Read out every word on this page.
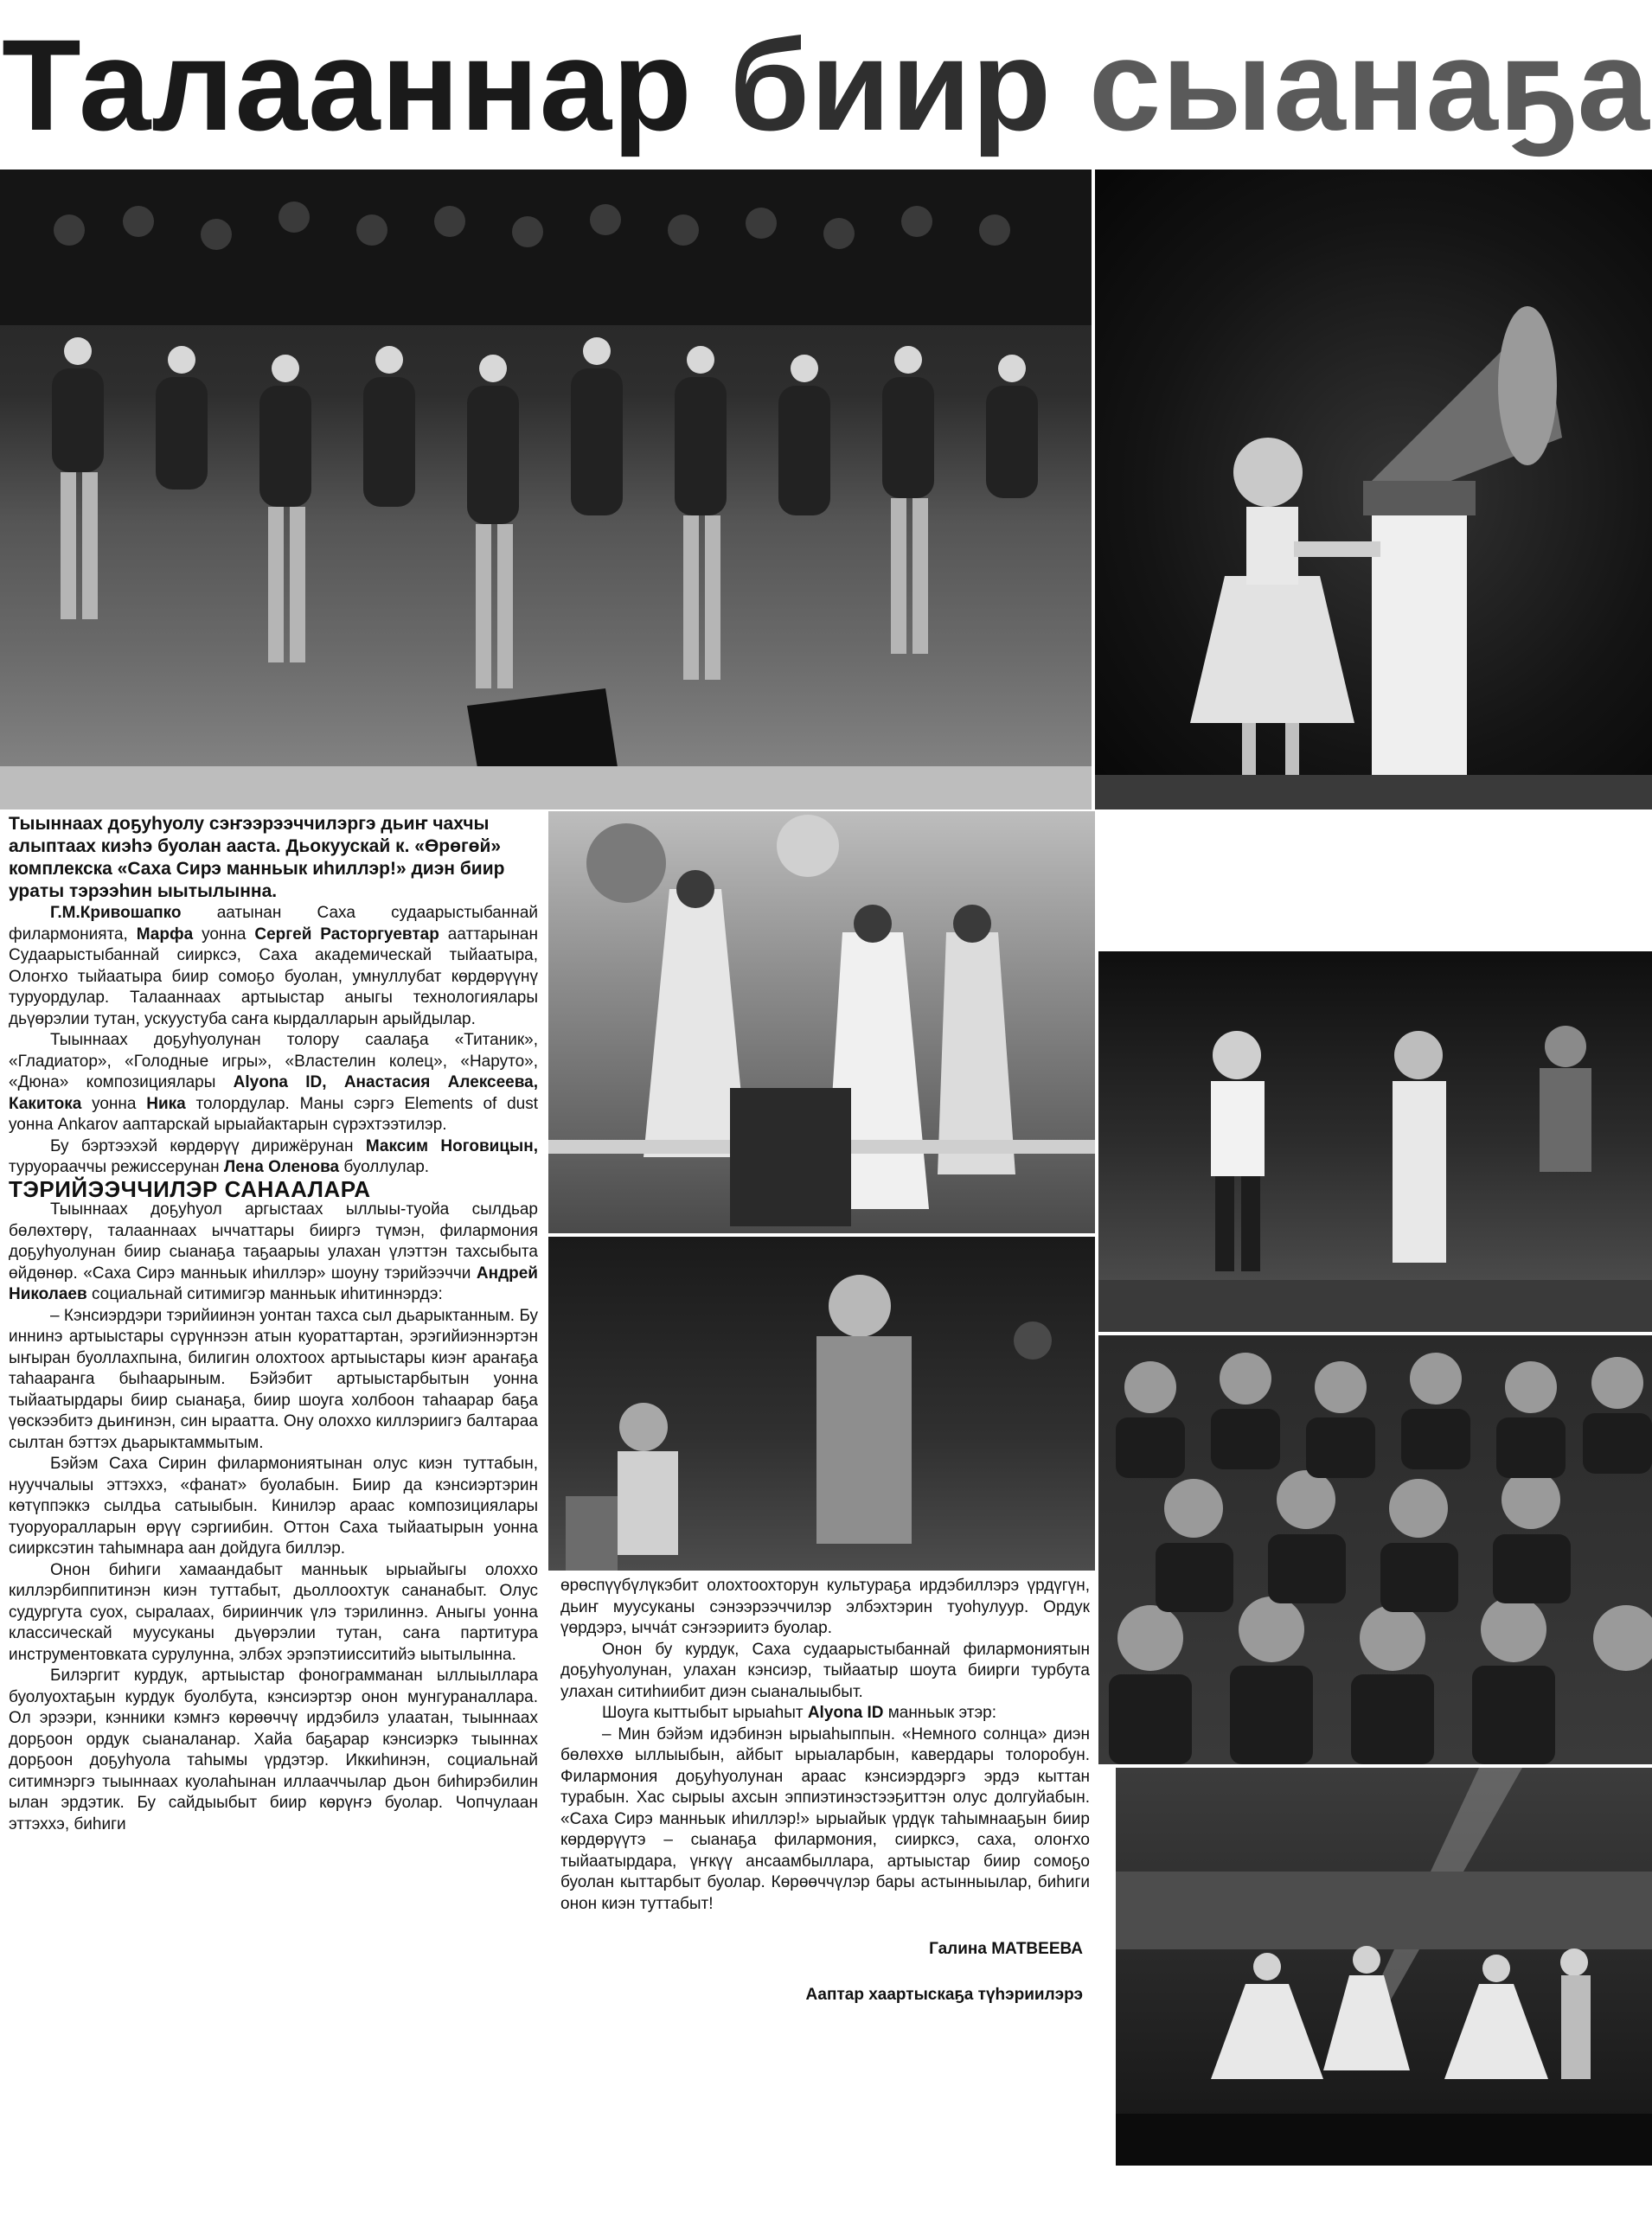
Талааннар биир сыанаҕа

Тыыннаах доҕуһуолу сэҥээрээччилэргэ дьиҥ чахчы алыптаах киэһэ буолан ааста. Дьокуускай к. «Өрөгөй» комплекскa «Саха Сирэ манньык иһиллэр!» диэн биир ураты тэрээһин ыытылынна.

Г.М.Кривошапко аатынан Саха судаарыстыбаннай филармонията, Марфа уонна Сергей Расторгуевтар ааттарынан Судаарыстыбаннай сиирксэ, Саха академическай тыйаатыра, Олоҥхо тыйаатыра биир сомоҕо буолан, умнуллубат көрдөрүүнү туруордулар. Талааннаах артыыстар аныгы технологиялары дьүөрэлии тутан, ускуустуба саҥа кырдалларын арыйдылар.

Тыыннаах доҕуһуолунан толору саалаҕа «Титаник», «Гладиатор», «Голодные игры», «Властелин колец», «Наруто», «Дюна» композициялары Alyona ID, Анастасия Алексеева, Какитока уонна Ника толордулар. Маны сэргэ Elements of dust уонна Ankarov ааптарскай ырыайактарын сүрэхтээтилэр.

Бу бэртээхэй көрдөрүү дирижёрунан Максим Ноговицын, туруорааччы режиссерунан Лена Оленова буоллулар.

ТЭРИЙЭЭЧЧИЛЭР САНААЛАРА

Тыыннаах доҕуһуол аргыстаах ыллыы-туойа сылдьар бөлөхтөрү, талааннаах ыччаттары бииргэ түмэн, филармония доҕуһуолунан биир сыанаҕа таҕаарыы улахан үлэттэн тахсыбыта өйдөнөр. «Саха Сирэ манньык иһиллэр» шоуну тэрийээччи Андрей Николаев социальнай ситимигэр манньык иһитиннэрдэ:

– Кэнсиэрдэри тэрийиинэн уонтан тахса сыл дьарыктанным. Бу иннинэ артыыстары сүрүннээн атын куораттартан, эрэгийиэннэртэн ыҥыран буоллахпына, билигин олохтоох артыыстары киэҥ араҥаҕа таһааранга быһаарыным. Бэйэбит артыыстарбытын уонна тыйаатырдары биир сыанаҕа, биир шоуга холбоон таһаарар баҕа үөскээбитэ дьиҥинэн, син ыраатта. Ону олоххо киллэриигэ балтараа сылтан бэттэх дьарыктаммытым.

Бэйэм Саха Сирин филармониятынан олус киэн туттабын, нууччалыы эттэххэ, «фанат» буолабын. Биир да кэнсиэртэрин көтүппэккэ сылдьа сатыыбын. Кинилэр араас композициялары туоруоралларын өрүү сэргиибин. Оттон Саха тыйаатырын уонна сиирксэтин таһымнара аан дойдуга биллэр.

Онон биһиги хамаандабыт манньык ырыайыгы олоххо киллэрбиппитинэн киэн туттабыт, дьоллоохтук сананабыт. Олус судургута суох, сыралаах, бириинчик үлэ тэрилиннэ. Аныгы уонна классическай муусуканы дьүөрэлии тутан, саҥа партитура инструментовката сурулунна, элбэх эрэпэтиисситийэ ыытылынна.

Билэргит курдук, артыыстар фонограмманан ыллыыллара буолуохтаҕын курдук буолбута, кэнсиэртэр онон мунгураналлара. Ол эрээри, кэнники кэмҥэ көрөөччү ирдэбилэ улаатан, тыыннаах дорҕоон ордук сыаналанар. Хайа баҕарар кэнсиэркэ тыыннах дорҕоон доҕуһуола таһымы үрдэтэр. Иккиһинэн, социальнай ситимнэргэ тыыннаах куолаһынан иллааччылар дьон биһирэбилин ылан эрдэтик. Бу сайдыыбыт биир көрүҥэ буолар. Чопчулаан эттэххэ, биһиги

өрөспүүбүлүкэбит олохтоохторун культураҕа ирдэбиллэрэ үрдүгүн, дьиҥ муусуканы сэнээрээччилэр элбэхтэрин туоһулуур. Ордук үөрдэрэ, ычча́т сэҥээриитэ буолар.

Онон бу курдук, Саха судаарыстыбаннай филармониятын доҕуһуолунан, улахан кэнсиэр, тыйаатыр шоута биирги турбута улахан ситиһиибит диэн сыаналыыбыт.

Шоуга кыттыбыт ырыаһыт Alyona ID манньык этэр:

– Мин бэйэм идэбинэн ырыаһыппын. «Немного солнца» диэн бөлөххө ыллыыбын, айбыт ырыаларбын, кавердары толоробун. Филармония доҕуһуолунан араас кэнсиэрдэргэ эрдэ кыттан турабын. Хас сырыы ахсын эппиэтинэстээҕиттэн олус долгуйабын. «Саха Сирэ манньык иһиллэр!» ырыайык үрдүк таһымнааҕын биир көрдөрүүтэ – сыанаҕа филармония, сиирксэ, саха, олоҥхо тыйаатырдара, үҥкүү ансаамбыллара, артыыстар биир сомоҕо буолан кыттарбыт буолар. Көрөөччүлэр бары астынныылар, биһиги онон киэн туттабыт!

Галина МАТВЕЕВА

Ааптар хаартыскаҕа түһэриилэрэ
